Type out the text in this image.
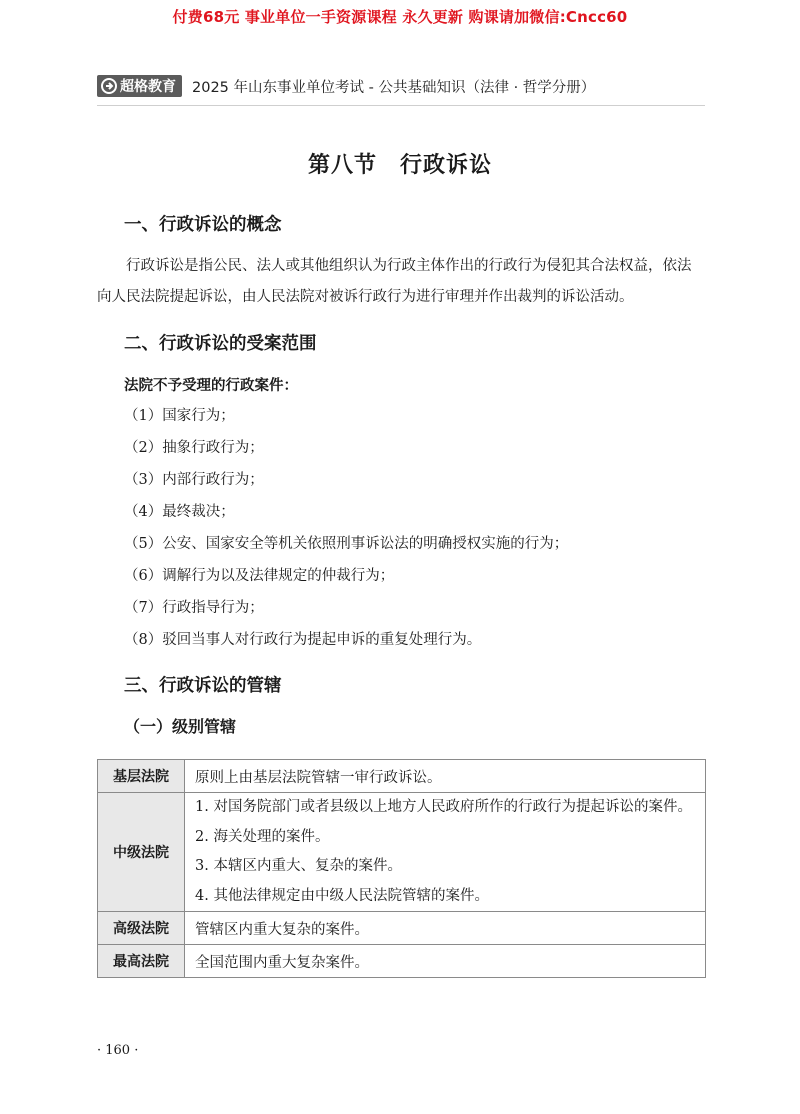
付费68元 事业单位一手资源课程 永久更新 购课请加微信:Cncc60
超格教育 2025 年山东事业单位考试 - 公共基础知识（法律 · 哲学分册）
第八节　行政诉讼
一、行政诉讼的概念
行政诉讼是指公民、法人或其他组织认为行政主体作出的行政行为侵犯其合法权益，依法向人民法院提起诉讼，由人民法院对被诉行政行为进行审理并作出裁判的诉讼活动。
二、行政诉讼的受案范围
法院不予受理的行政案件：
（1）国家行为；
（2）抽象行政行为；
（3）内部行政行为；
（4）最终裁决；
（5）公安、国家安全等机关依照刑事诉讼法的明确授权实施的行为；
（6）调解行为以及法律规定的仲裁行为；
（7）行政指导行为；
（8）驳回当事人对行政行为提起申诉的重复处理行为。
三、行政诉讼的管辖
（一）级别管辖
基层法院	原则上由基层法院管辖一审行政诉讼。
中级法院	1. 对国务院部门或者县级以上地方人民政府所作的行政行为提起诉讼的案件。
2. 海关处理的案件。
3. 本辖区内重大、复杂的案件。
4. 其他法律规定由中级人民法院管辖的案件。

高级法院	管辖区内重大复杂的案件。
最高法院	全国范围内重大复杂案件。
· 160 ·
